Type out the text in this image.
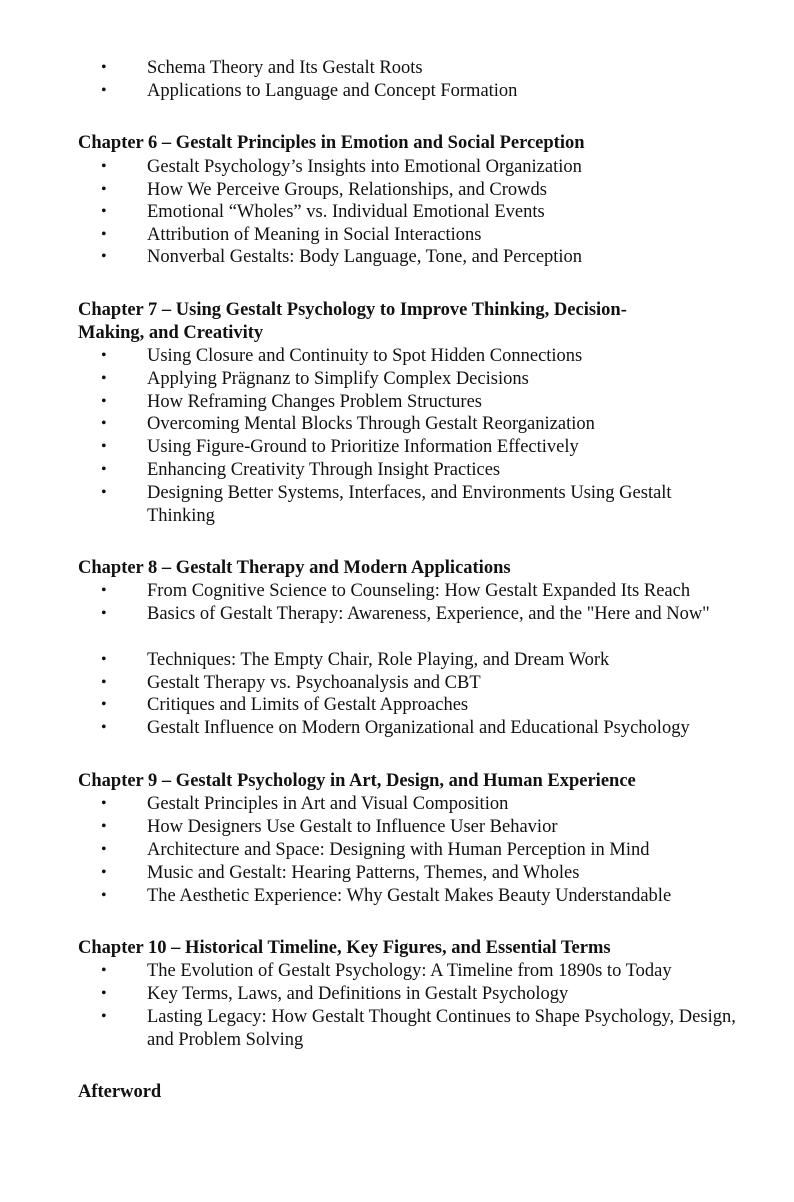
• Schema Theory and Its Gestalt Roots
• Applications to Language and Concept Formation
Chapter 6 – Gestalt Principles in Emotion and Social Perception
• Gestalt Psychology’s Insights into Emotional Organization
• How We Perceive Groups, Relationships, and Crowds
• Emotional “Wholes” vs. Individual Emotional Events
• Attribution of Meaning in Social Interactions
• Nonverbal Gestalts: Body Language, Tone, and Perception
Chapter 7 – Using Gestalt Psychology to Improve Thinking, Decision-
Making, and Creativity
• Using Closure and Continuity to Spot Hidden Connections
• Applying Prägnanz to Simplify Complex Decisions
• How Reframing Changes Problem Structures
• Overcoming Mental Blocks Through Gestalt Reorganization
• Using Figure-Ground to Prioritize Information Effectively
• Enhancing Creativity Through Insight Practices
• Designing Better Systems, Interfaces, and Environments Using Gestalt Thinking
Chapter 8 – Gestalt Therapy and Modern Applications
• From Cognitive Science to Counseling: How Gestalt Expanded Its Reach
• Basics of Gestalt Therapy: Awareness, Experience, and the "Here and Now"
• Techniques: The Empty Chair, Role Playing, and Dream Work
• Gestalt Therapy vs. Psychoanalysis and CBT
• Critiques and Limits of Gestalt Approaches
• Gestalt Influence on Modern Organizational and Educational Psychology
Chapter 9 – Gestalt Psychology in Art, Design, and Human Experience
• Gestalt Principles in Art and Visual Composition
• How Designers Use Gestalt to Influence User Behavior
• Architecture and Space: Designing with Human Perception in Mind
• Music and Gestalt: Hearing Patterns, Themes, and Wholes
• The Aesthetic Experience: Why Gestalt Makes Beauty Understandable
Chapter 10 – Historical Timeline, Key Figures, and Essential Terms
• The Evolution of Gestalt Psychology: A Timeline from 1890s to Today
• Key Terms, Laws, and Definitions in Gestalt Psychology
• Lasting Legacy: How Gestalt Thought Continues to Shape Psychology, Design, and Problem Solving
Afterword
